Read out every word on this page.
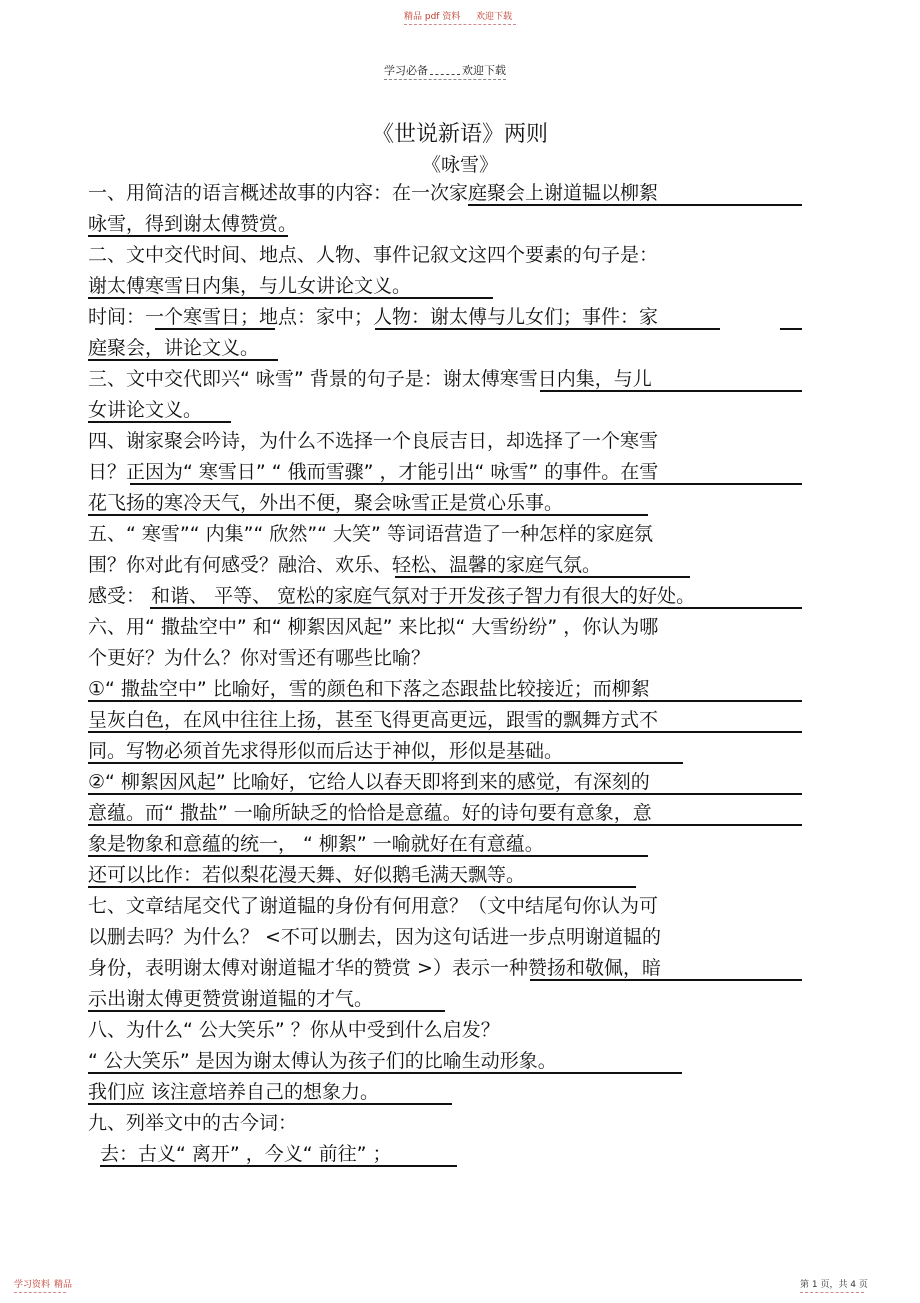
精品 pdf 资料 欢迎下载
学习必备	欢迎下载
《世说新语》两则
《咏雪》
一、用简洁的语言概述故事的内容：在一次家庭聚会上谢道韫以柳絮
咏雪，得到谢太傅赞赏。
二、文中交代时间、地点、人物、事件记叙文这四个要素的句子是：
谢太傅寒雪日内集，与儿女讲论文义。
时间：一个寒雪日；地点：家中；人物：谢太傅与儿女们；事件：家
庭聚会，讲论文义。
三、文中交代即兴“ 咏雪” 背景的句子是：谢太傅寒雪日内集，与儿
女讲论文义。
四、谢家聚会吟诗，为什么不选择一个良辰吉日，却选择了一个寒雪
日？正因为“ 寒雪日” “ 俄而雪骤” ，才能引出“ 咏雪” 的事件。在雪
花飞扬的寒冷天气，外出不便，聚会咏雪正是赏心乐事。
五、“ 寒雪”“ 内集”“ 欣然”“ 大笑” 等词语营造了一种怎样的家庭氛
围？你对此有何感受？融洽、欢乐、轻松、温馨的家庭气氛。
感受： 和谐、 平等、 宽松的家庭气氛对于开发孩子智力有很大的好处。
六、用“ 撒盐空中” 和“ 柳絮因风起” 来比拟“ 大雪纷纷” ，你认为哪
个更好？为什么？你对雪还有哪些比喻？
①“ 撒盐空中” 比喻好，雪的颜色和下落之态跟盐比较接近；而柳絮
呈灰白色，在风中往往上扬，甚至飞得更高更远，跟雪的飘舞方式不
同。写物必须首先求得形似而后达于神似，形似是基础。
②“ 柳絮因风起” 比喻好，它给人以春天即将到来的感觉，有深刻的
意蕴。而“ 撒盐” 一喻所缺乏的恰恰是意蕴。好的诗句要有意象，意
象是物象和意蕴的统一， “ 柳絮” 一喻就好在有意蕴。
还可以比作：若似梨花漫天舞、好似鹅毛满天飘等。
七、文章结尾交代了谢道韫的身份有何用意？（文中结尾句你认为可
以删去吗？为什么？ <不可以删去，因为这句话进一步点明谢道韫的
身份，表明谢太傅对谢道韫才华的赞赏 >）表示一种赞扬和敬佩，暗
示出谢太傅更赞赏谢道韫的才气。
八、为什么“ 公大笑乐” ？你从中受到什么启发？
“ 公大笑乐” 是因为谢太傅认为孩子们的比喻生动形象。
我们应 该注意培养自己的想象力。
九、列举文中的古今词：
去：古义“ 离开” ，今义“ 前往” ；
学习资料 精品	第 1 页，共 4 页
